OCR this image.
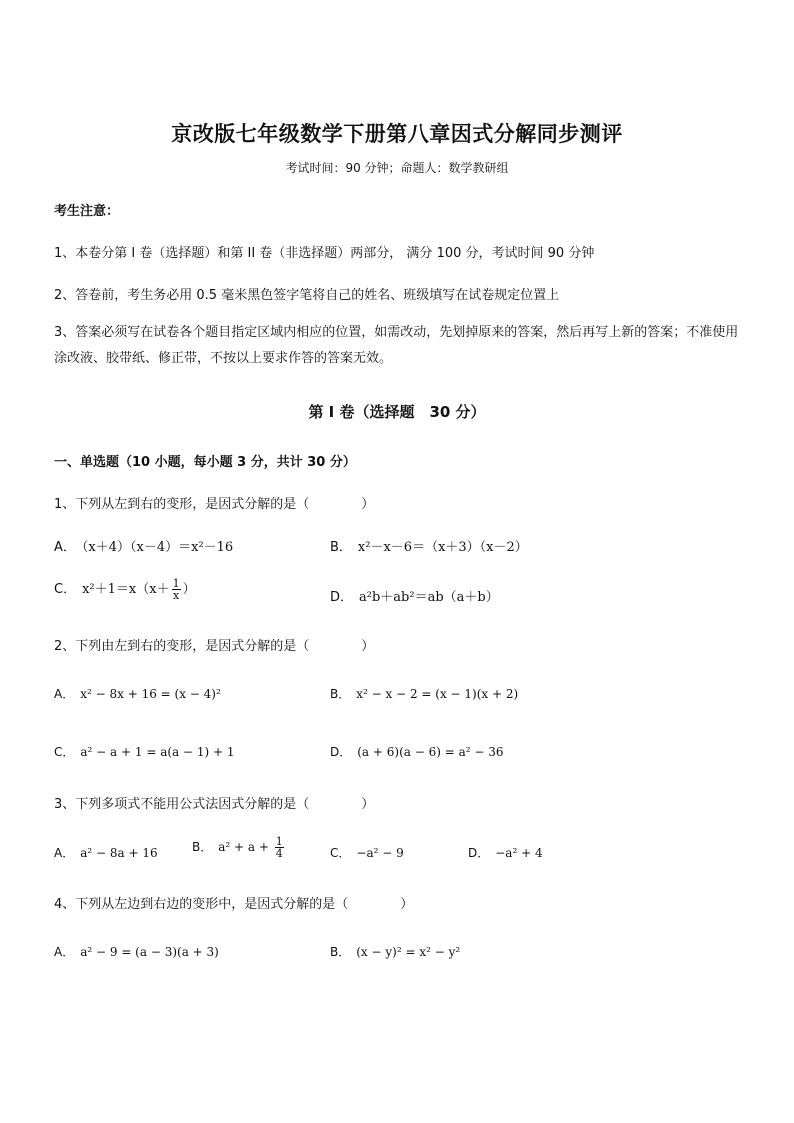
京改版七年级数学下册第八章因式分解同步测评
考试时间：90 分钟；命题人：数学教研组
考生注意：
1、本卷分第 I 卷（选择题）和第 II 卷（非选择题）两部分， 满分 100 分，考试时间 90 分钟
2、答卷前，考生务必用 0.5 毫米黑色签字笔将自己的姓名、班级填写在试卷规定位置上
3、答案必须写在试卷各个题目指定区域内相应的位置，如需改动，先划掉原来的答案，然后再写上新的答案；不准使用涂改液、胶带纸、修正带，不按以上要求作答的答案无效。
第 I 卷（选择题　30 分）
一、单选题（10 小题，每小题 3 分，共计 30 分）
1、下列从左到右的变形，是因式分解的是（　　　　）
A． （x＋4）（x－4）＝x²－16	B． x²－x－6＝（x＋3）（x－2）
C． $x^2+1=x(x+ \frac{1}{x}$ ）
D． a²b＋ab²＝ab（a＋b）
2、下列由左到右的变形，是因式分解的是（　　　　）
A． x² − 8x + 16 = (x − 4)²	B． x² − x − 2 = (x − 1)(x + 2)
C． a² − a + 1 = a(a − 1) + 1	D． (a + 6)(a − 6) = a² − 36
3、下列多项式不能用公式法因式分解的是（　　　　）
A． a² − 8a + 16	B． $a^2 + a + \frac{1}{4}$	C． −a² − 9	D． −a² + 4
4、下列从左边到右边的变形中，是因式分解的是（　　　　）
A． a² − 9 = (a − 3)(a + 3)	B． (x − y)² = x² − y²
